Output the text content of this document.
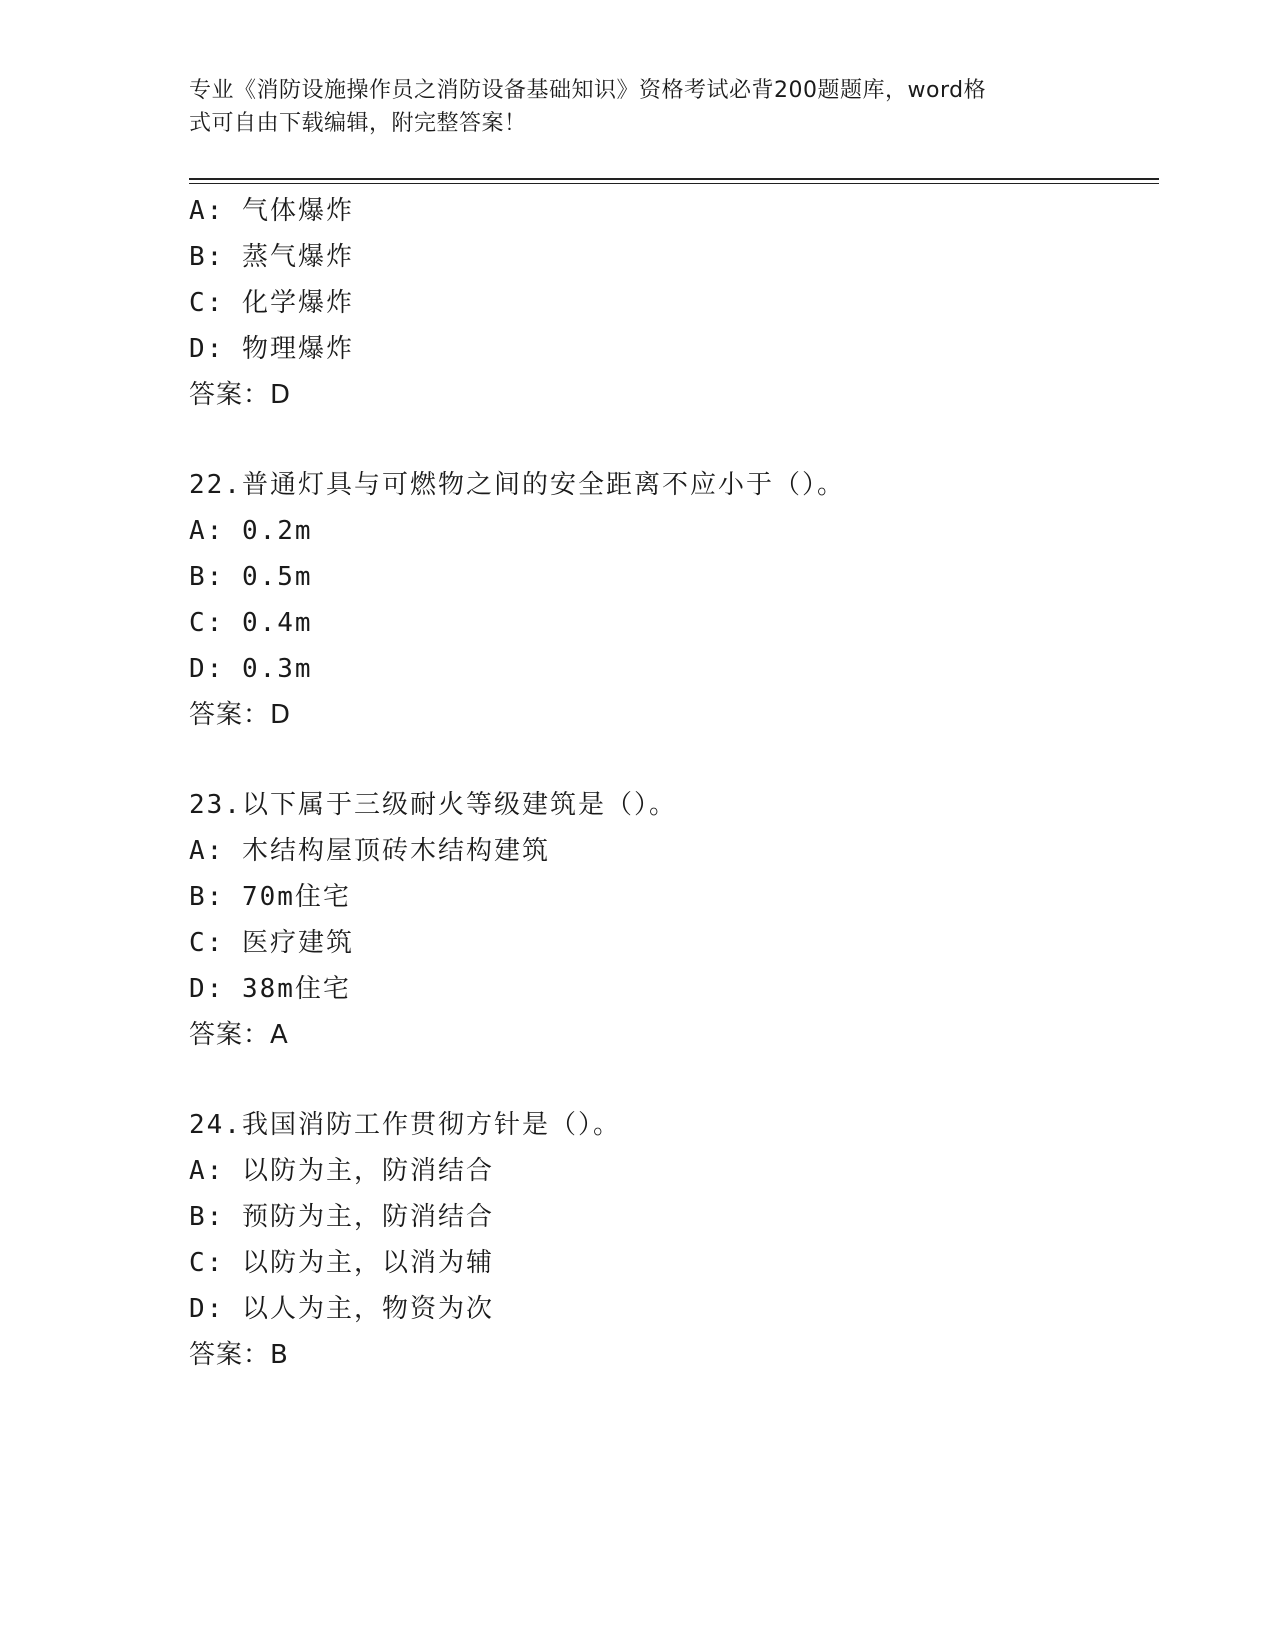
专业《消防设施操作员之消防设备基础知识》资格考试必背200题题库，word格
式可自由下载编辑，附完整答案！
A: 气体爆炸
B: 蒸气爆炸
C: 化学爆炸
D: 物理爆炸
答案：D
22.普通灯具与可燃物之间的安全距离不应小于（）。
A: 0.2m
B: 0.5m
C: 0.4m
D: 0.3m
答案：D
23.以下属于三级耐火等级建筑是（）。
A: 木结构屋顶砖木结构建筑
B: 70m住宅
C: 医疗建筑
D: 38m住宅
答案：A
24.我国消防工作贯彻方针是（）。
A: 以防为主，防消结合
B: 预防为主，防消结合
C: 以防为主，以消为辅
D: 以人为主，物资为次
答案：B
